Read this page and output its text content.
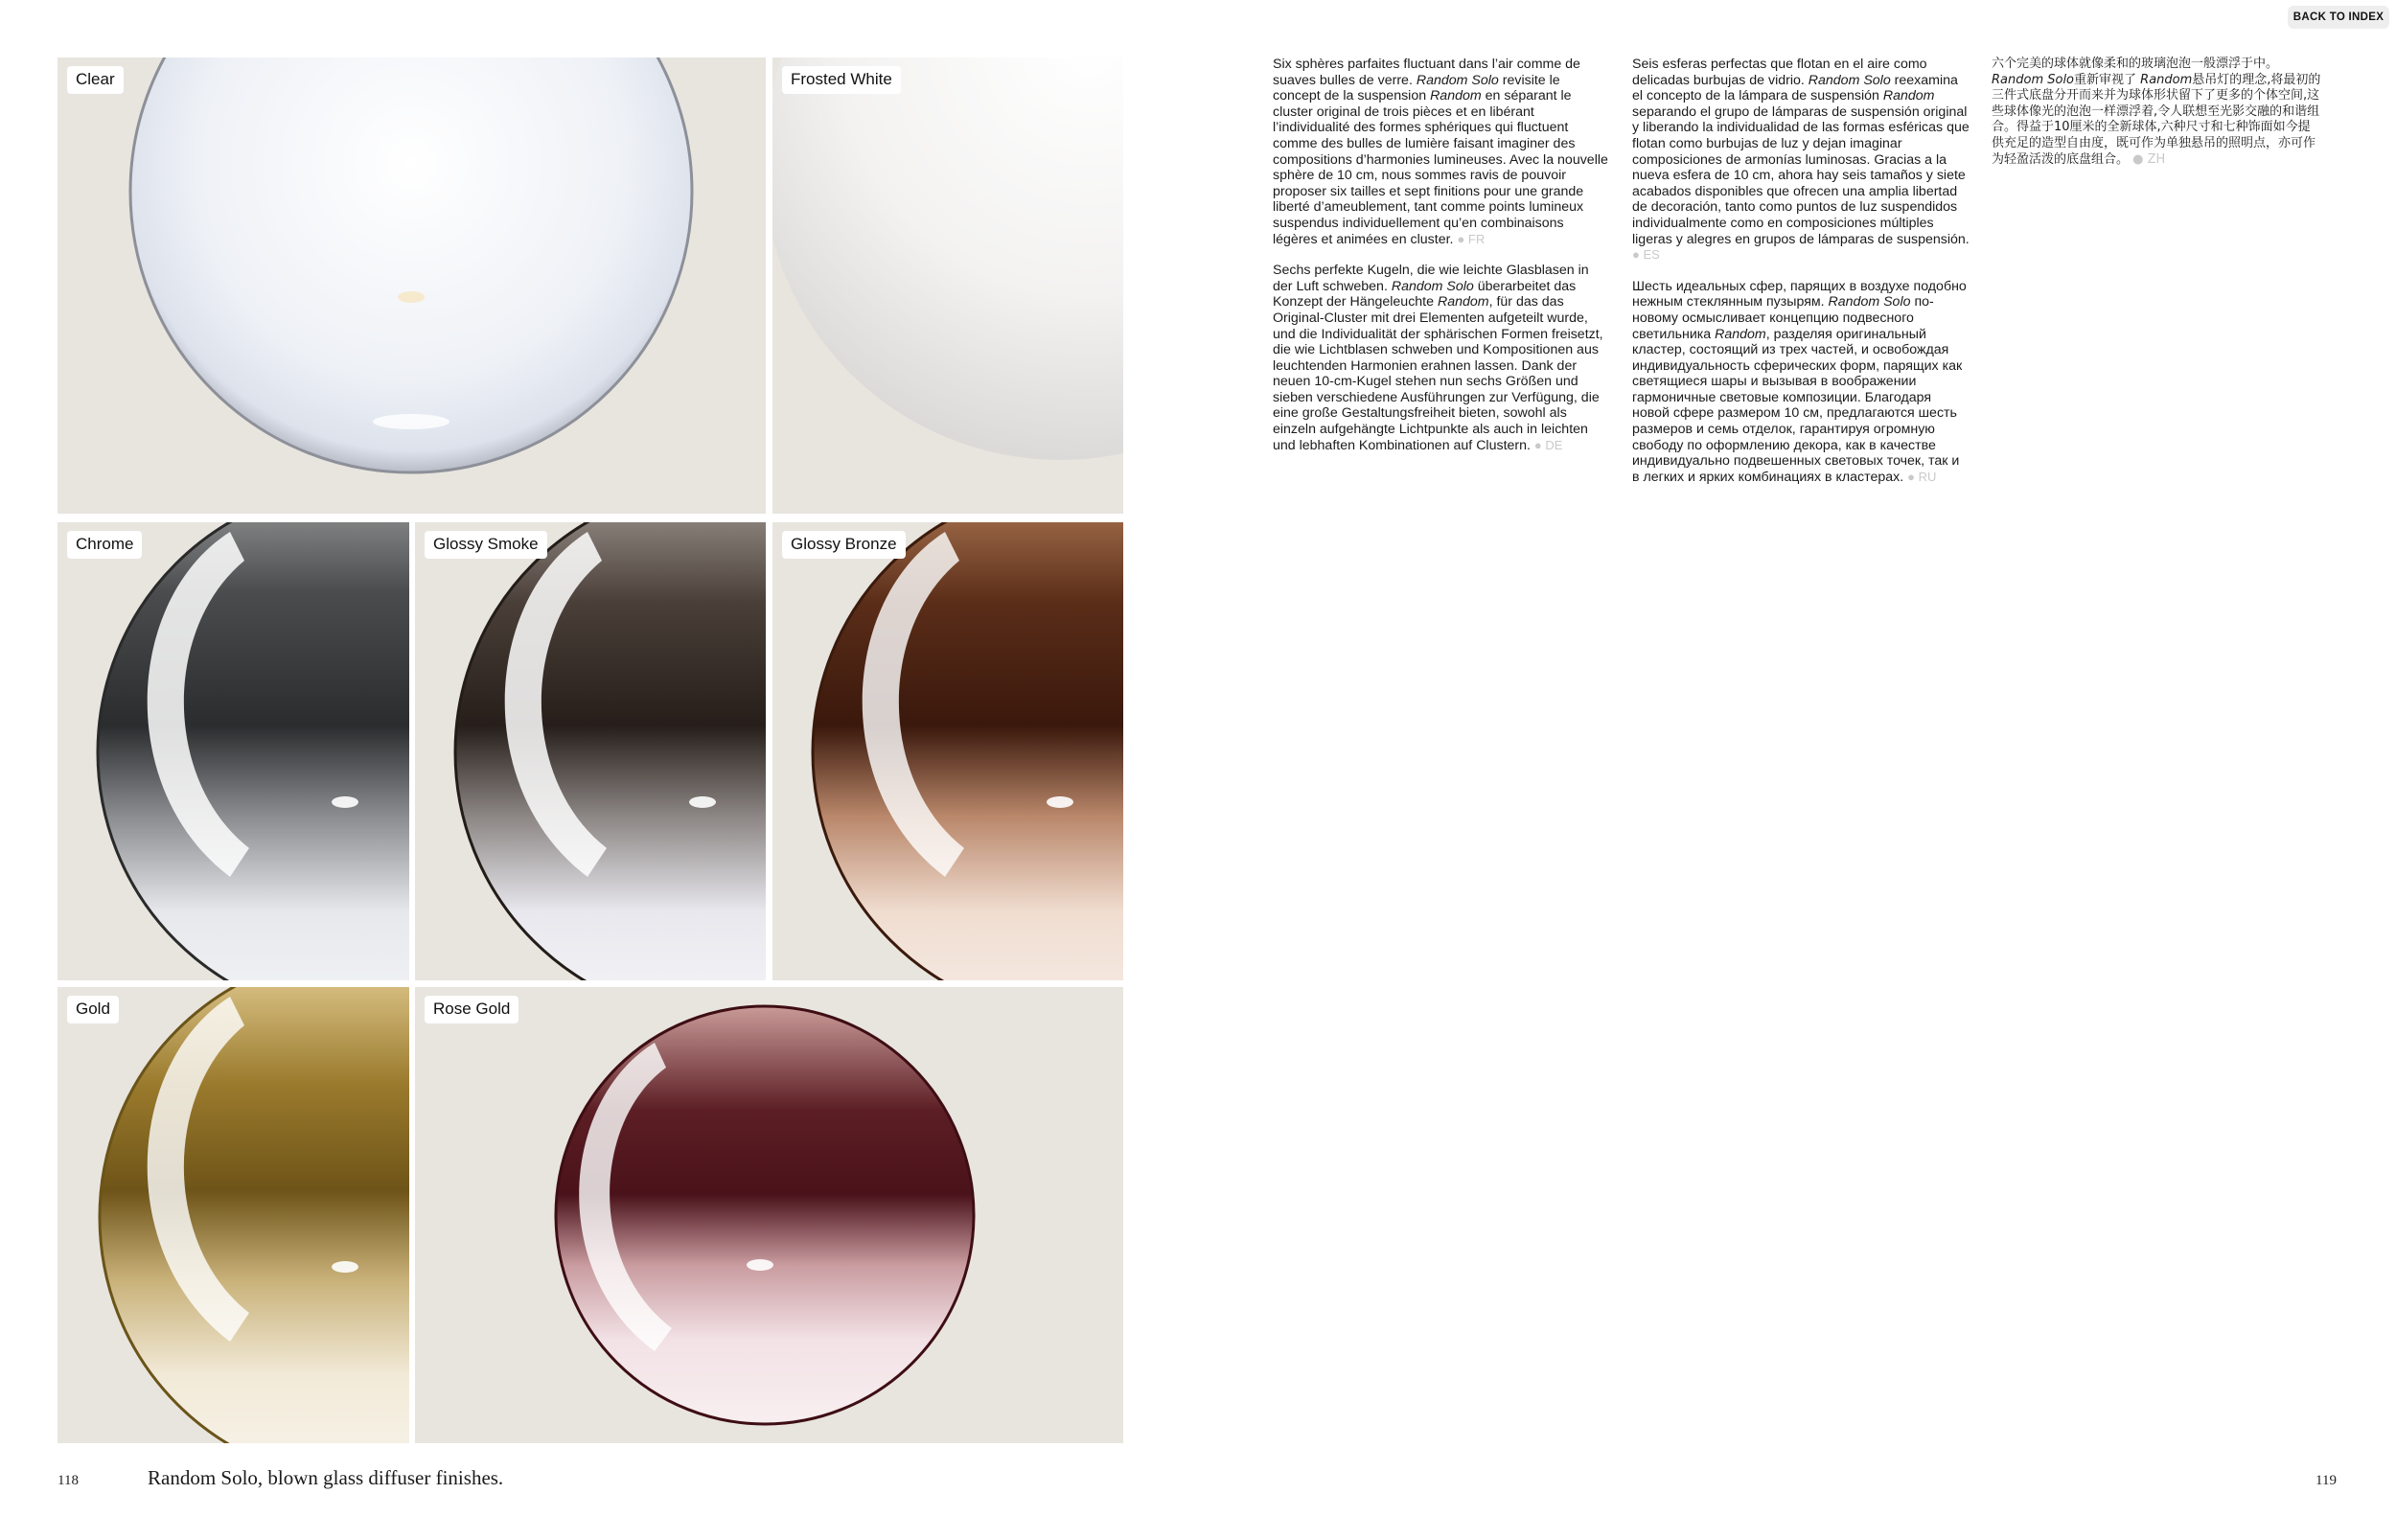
Clear	Frosted White
Chrome	Glossy Smoke	Glossy Bronze
Gold	Rose Gold
BACK TO INDEX

Six sphères parfaites fluctuant dans l’air comme de suaves bulles de verre. Random Solo revisite le concept de la suspension Random en séparant le cluster original de trois pièces et en libérant l’individualité des formes sphériques qui fluctuent comme des bulles de lumière faisant imaginer des compositions d’harmonies lumineuses. Avec la nouvelle sphère de 10 cm, nous sommes ravis de pouvoir proposer six tailles et sept finitions pour une grande liberté d’ameublement, tant comme points lumineux suspendus individuellement qu’en combinaisons légères et animées en cluster. ● FR

Sechs perfekte Kugeln, die wie leichte Glasblasen in der Luft schweben. Random Solo überarbeitet das Konzept der Hängeleuchte Random, für das das Original-Cluster mit drei Elementen aufgeteilt wurde, und die Individualität der sphärischen Formen freisetzt, die wie Lichtblasen schweben und Kompositionen aus leuchtenden Harmonien erahnen lassen. Dank der neuen 10-cm-Kugel stehen nun sechs Größen und sieben verschiedene Ausführungen zur Verfügung, die eine große Gestaltungsfreiheit bieten, sowohl als einzeln aufgehängte Lichtpunkte als auch in leichten und lebhaften Kombinationen auf Clustern. ● DE

Seis esferas perfectas que flotan en el aire como delicadas burbujas de vidrio. Random Solo reexamina el concepto de la lámpara de suspensión Random separando el grupo de lámparas de suspensión original y liberando la individualidad de las formas esféricas que flotan como burbujas de luz y dejan imaginar composiciones de armonías luminosas. Gracias a la nueva esfera de 10 cm, ahora hay seis tamaños y siete acabados disponibles que ofrecen una amplia libertad de decoración, tanto como puntos de luz suspendidos individualmente como en composiciones múltiples ligeras y alegres en grupos de lámparas de suspensión. ● ES

Шесть идеальных сфер, парящих в воздухе подобно нежным стеклянным пузырям. Random Solo по-новому осмысливает концепцию подвесного светильника Random, разделяя оригинальный кластер, состоящий из трех частей, и освобождая индивидуальность сферических форм, парящих как светящиеся шары и вызывая в воображении гармоничные световые композиции. Благодаря новой сфере размером 10 см, предлагаются шесть размеров и семь отделок, гарантируя огромную свободу по оформлению декора, как в качестве индивидуально подвешенных световых точек, так и в легких и ярких комбинациях в кластерах. ● RU

六个完美的球体就像柔和的玻璃泡泡一般漂浮于中。Random Solo重新审视了 Random悬吊灯的理念,将最初的三件式底盘分开而来并为球体形状留下了更多的个体空间,这些球体像光的泡泡一样漂浮着,令人联想至光影交融的和谐组合。得益于10厘米的全新球体,六种尺寸和七种饰面如今提供充足的造型自由度，既可作为单独悬吊的照明点，亦可作为轻盈活泼的底盘组合。 ● ZH

118	Random Solo, blown glass diffuser finishes.	119
